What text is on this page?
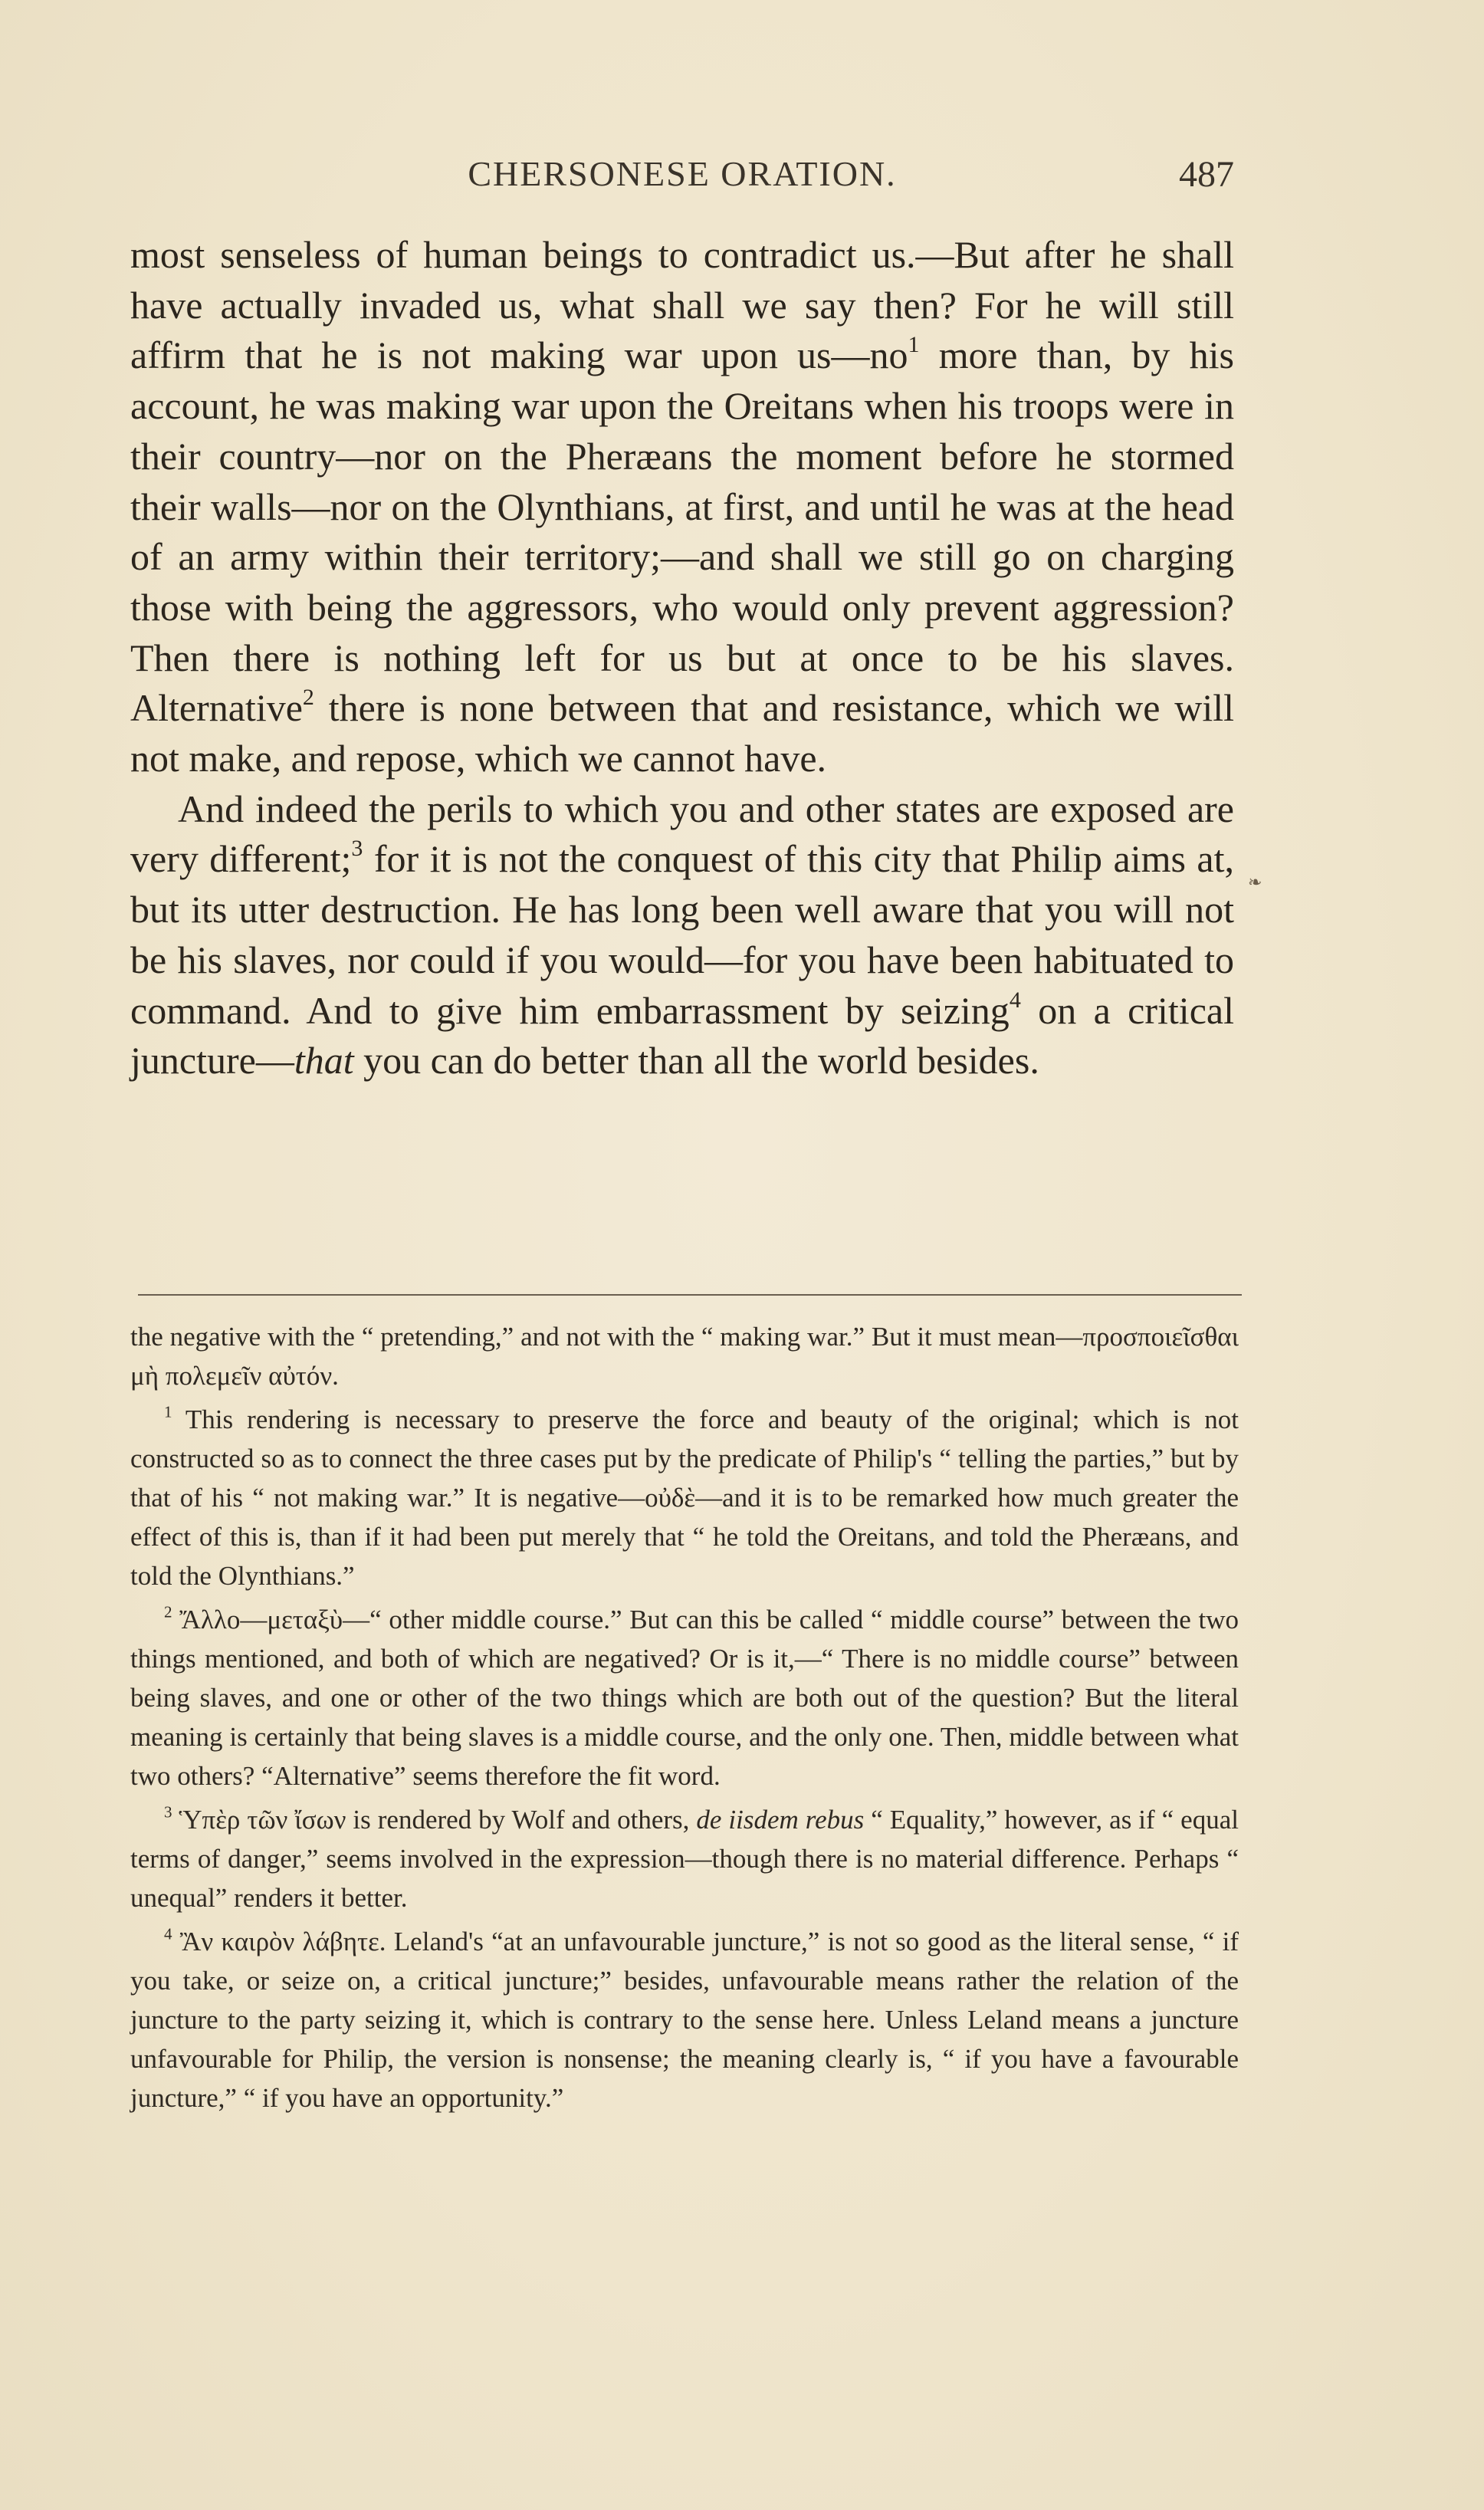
CHERSONESE ORATION.	487

most senseless of human beings to contradict us.—But after he shall have actually invaded us, what shall we say then? For he will still affirm that he is not making war upon $us—no^1$ more than, by his account, he was making war upon the Oreitans when his troops were in their country—nor on the Pheræans the moment before he stormed their walls—nor on the Olynthians, at first, and until he was at the head of an army within their territory;—and shall we still go on charging those with being the aggressors, who would only prevent aggression? Then there is nothing left for us but at once to be his slaves. Alternative$^2$ there is none between that and resistance, which we will not make, and repose, which we cannot have.

And indeed the perils to which you and other states are exposed are very different;$^3$ for it is not the conquest of this city that Philip aims at, but its utter destruction. He has long been well aware that you will not be his slaves, nor could if you would—for you have been habituated to command. And to give him embarrassment by seizing$^4$ on a critical juncture—that you can do better than all the world besides.

❧

the negative with the “ pretending,” and not with the “ making war.” But it must mean—προσποιεῖσθαι μὴ πολεμεῖν αὐτόν.

$^1$ This rendering is necessary to preserve the force and beauty of the original; which is not constructed so as to connect the three cases put by the predicate of Philip's “ telling the parties,” but by that of his “ not making war.” It is negative—οὐδὲ—and it is to be remarked how much greater the effect of this is, than if it had been put merely that “ he told the Oreitans, and told the Pheræans, and told the Olynthians.”

$^2$ Ἄλλο—μεταξὺ—“ other middle course.” But can this be called “ middle course” between the two things mentioned, and both of which are negatived? Or is it,—“ There is no middle course” between being slaves, and one or other of the two things which are both out of the question? But the literal meaning is certainly that being slaves is a middle course, and the only one. Then, middle between what two others? “Alternative” seems therefore the fit word.

$^3$ Ὑπὲρ τῶν ἴσων is rendered by Wolf and others, de iisdem rebus “ Equality,” however, as if “ equal terms of danger,” seems involved in the expression—though there is no material difference. Perhaps “ unequal” renders it better.

$^4$ Ἂν καιρὸν λάβητε. Leland's “at an unfavourable juncture,” is not so good as the literal sense, “ if you take, or seize on, a critical juncture;” besides, unfavourable means rather the relation of the juncture to the party seizing it, which is contrary to the sense here. Unless Leland means a juncture unfavourable for Philip, the version is nonsense; the meaning clearly is, “ if you have a favourable juncture,” “ if you have an opportunity.”
